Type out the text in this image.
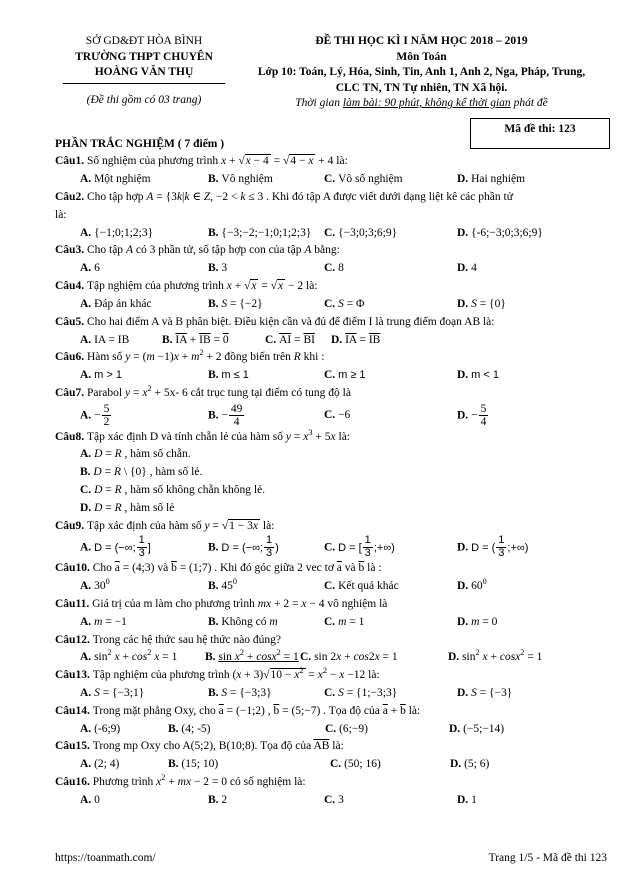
SỞ GD&ĐT HÒA BÌNH
TRƯỜNG THPT CHUYÊN
HOÀNG VĂN THỤ
(Đề thi gồm có 03 trang)
ĐỀ THI HỌC KÌ I NĂM HỌC 2018 – 2019
Môn Toán
Lớp 10: Toán, Lý, Hóa, Sinh, Tin, Anh 1, Anh 2, Nga, Pháp, Trung,
CLC TN, TN Tự nhiên, TN Xã hội.
Thời gian làm bài: 90 phút, không kể thời gian phát đề
Mã đề thi: 123
PHẦN TRẮC NGHIỆM ( 7 điểm )
Câu1. Số nghiệm của phương trình x + √x − 4 = √4 − x + 4 là:
A. Một nghiệm	B. Vô nghiệm	C. Vô số nghiệm	D. Hai nghiệm
Câu2. Cho tập hợp A = {3k|k ∈ Z, −2 < k ≤ 3 . Khi đó tập A được viết dưới dạng liệt kê các phần tử
là:
A. {−1;0;1;2;3}	B. {−3;−2;−1;0;1;2;3}	C. {−3;0;3;6;9}	D. {-6;−3;0;3;6;9}
Câu3. Cho tập A có 3 phần tử, số tập hợp con của tập A bằng:
A. 6	B. 3	C. 8	D. 4
Câu4. Tập nghiệm của phương trình x + √x = √x − 2 là:
A. Đáp án khác	B. S = {−2}	C. S = Φ	D. S = {0}
Câu5. Cho hai điểm A và B phân biệt. Điều kiện cần và đủ để điểm I là trung điểm đoạn AB là:
A. IA = IB	B. $\overline{IA} + \overline{IB} = 0$	C. $\overline{AI} = \overline{BI}$	D. $\overline{IA} = \overline{IB}$
Câu6. Hàm số $y = (m -1)x + m^2 + 2$ đồng biến trên R khi :
A. m > 1	B. m ≤ 1	C. m ≥ 1	D. m < 1
Câu7. Parabol $y = x^2 + 5x-$ 6 cắt trục tung tại điểm có tung độ là
A. − $\frac{5}{2}$	B. − $\frac{49}{4}$	C. −6	D. − $\frac{5}{4}$
Câu8. Tập xác định D và tính chẵn lẻ của hàm số $y = x^3 + 5x$ là:
A. D = R , hàm số chẵn.
B. D = R \ {0} , hàm số lẻ.
C. D = R , hàm số không chẵn không lẻ.
D. D = R , hàm số lẻ
Câu9. Tập xác định của hàm số y = √1 − 3x là:
A. D = (−∞; $\frac{1}{3}$ ]	B. D = (−∞; $\frac{1}{3}$ )	C. D = [ $\frac{1}{3}$ ;+∞)	D. D = ( $\frac{1}{3}$ ;+∞)
Câu10. Cho $\overline{a}$ = (4;3) và $\overline{b}$ = (1;7) . Khi đó góc giữa 2 vec tơ $\overline{a}$ và $\overline{b}$ là :
A. $30^0$	B. $45^0$	C. Kết quả khác	D. $60^0$
Câu11. Giá trị của m làm cho phương trình mx + 2 = x − 4 vô nghiệm là
A. m = −1	B. Không có m	C. m = 1	D. m = 0
Câu12. Trong các hệ thức sau hệ thức nào đúng?
A. $\sin^2 x + \cos^2 x = 1$	B. $\sin x^2 + \cos x^2 = 1$ C. sin 2x + cos2x = 1	D. $\sin^2 x + \cos x^2 = 1$
Câu13. Tập nghiệm của phương trình $(x + 3)√10 - x^2 = x^2 - x -12$ là:
A. S = {−3;1}	B. S = {−3;3}	C. S = {1;−3;3}	D. S = {−3}
Câu14. Trong mặt phẳng Oxy, cho $\overline{a}$ = (−1;2) , $\overline{b}$ = (5;−7) . Tọa độ của $\overline{a} + \overline{b}$ là:
A. (-6;9)	B. (4; -5)	C. (6;−9)	D. (−5;−14)
Câu15. Trong mp Oxy cho A(5;2), B(10;8). Tọa độ của $\overline{AB}$ là:
A. (2; 4)	B. (15; 10)	C. (50; 16)	D. (5; 6)
Câu16. Phương trình $x^2$ + mx − 2 = 0 có số nghiệm là:
A. 0	B. 2	C. 3	D. 1
https://toanmath.com/	Trang 1/5 - Mã đề thi 123
